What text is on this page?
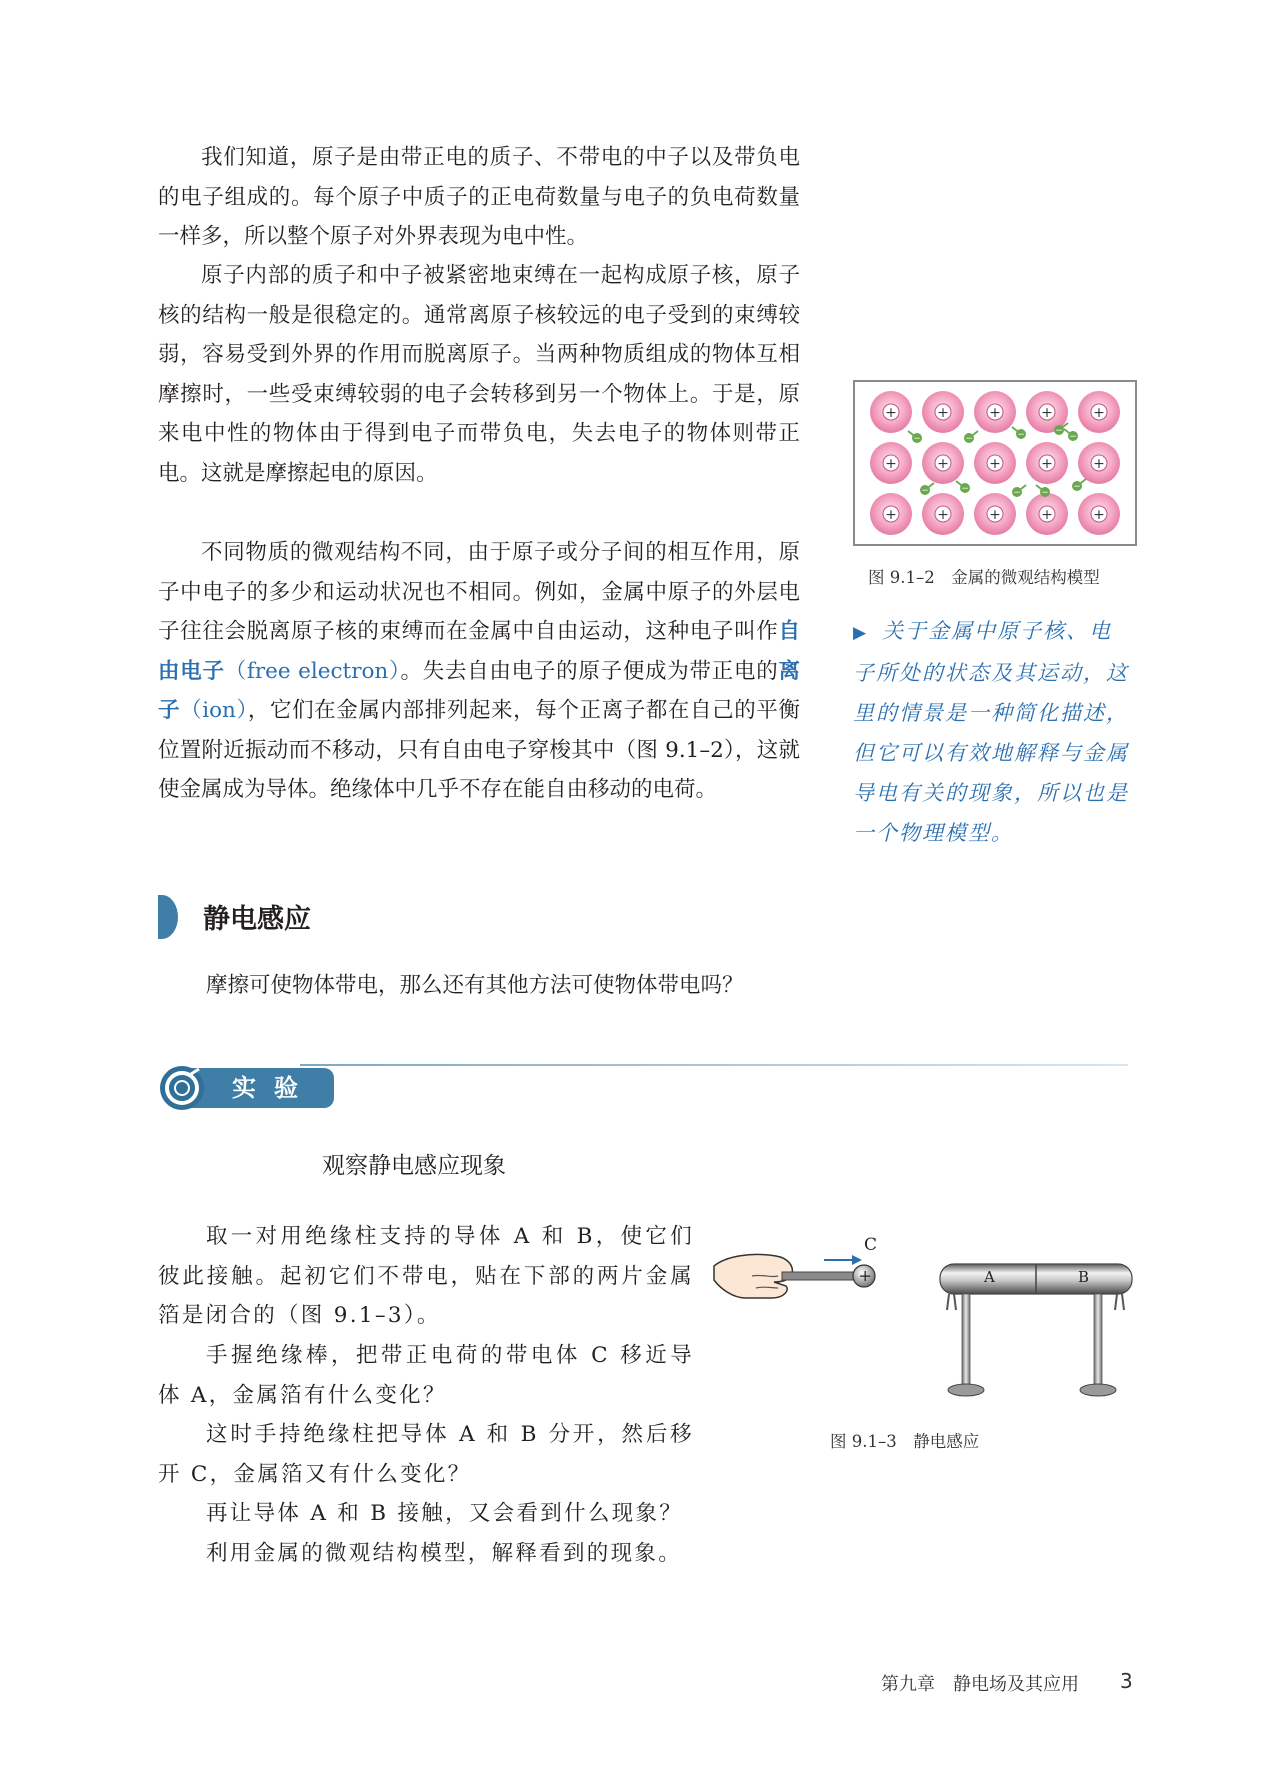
我们知道，原子是由带正电的质子、不带电的中子以及带负电的电子组成的。每个原子中质子的正电荷数量与电子的负电荷数量一样多，所以整个原子对外界表现为电中性。

原子内部的质子和中子被紧密地束缚在一起构成原子核，原子核的结构一般是很稳定的。通常离原子核较远的电子受到的束缚较弱，容易受到外界的作用而脱离原子。当两种物质组成的物体互相摩擦时，一些受束缚较弱的电子会转移到另一个物体上。于是，原来电中性的物体由于得到电子而带负电，失去电子的物体则带正电。这就是摩擦起电的原因。

不同物质的微观结构不同，由于原子或分子间的相互作用，原子中电子的多少和运动状况也不相同。例如，金属中原子的外层电子往往会脱离原子核的束缚而在金属中自由运动，这种电子叫作自由电子（free electron）。失去自由电子的原子便成为带正电的离子（ion），它们在金属内部排列起来，每个正离子都在自己的平衡位置附近振动而不移动，只有自由电子穿梭其中（图 9.1–2），这就使金属成为导体。绝缘体中几乎不存在能自由移动的电荷。

+	+	+	+	+
+	+	+	+	+
+	+	+	+	+
−	−	−	−
−
−	−	− −
−

图 9.1–2　金属的微观结构模型

▶ 关于金属中原子核、电子所处的状态及其运动，这里的情景是一种简化描述，但它可以有效地解释与金属导电有关的现象，所以也是一个物理模型。

静电感应

摩擦可使物体带电，那么还有其他方法可使物体带电吗？

实验

观察静电感应现象

取一对用绝缘柱支持的导体 A 和 B，使它们彼此接触。起初它们不带电，贴在下部的两片金属箔是闭合的（图 9.1–3）。

手握绝缘棒，把带正电荷的带电体 C 移近导体 A，金属箔有什么变化？

这时手持绝缘柱把导体 A 和 B 分开，然后移开 C，金属箔又有什么变化？

再让导体 A 和 B 接触，又会看到什么现象？

利用金属的微观结构模型，解释看到的现象。

+
C
A	B

图 9.1–3　静电感应

第九章　静电场及其应用 3
